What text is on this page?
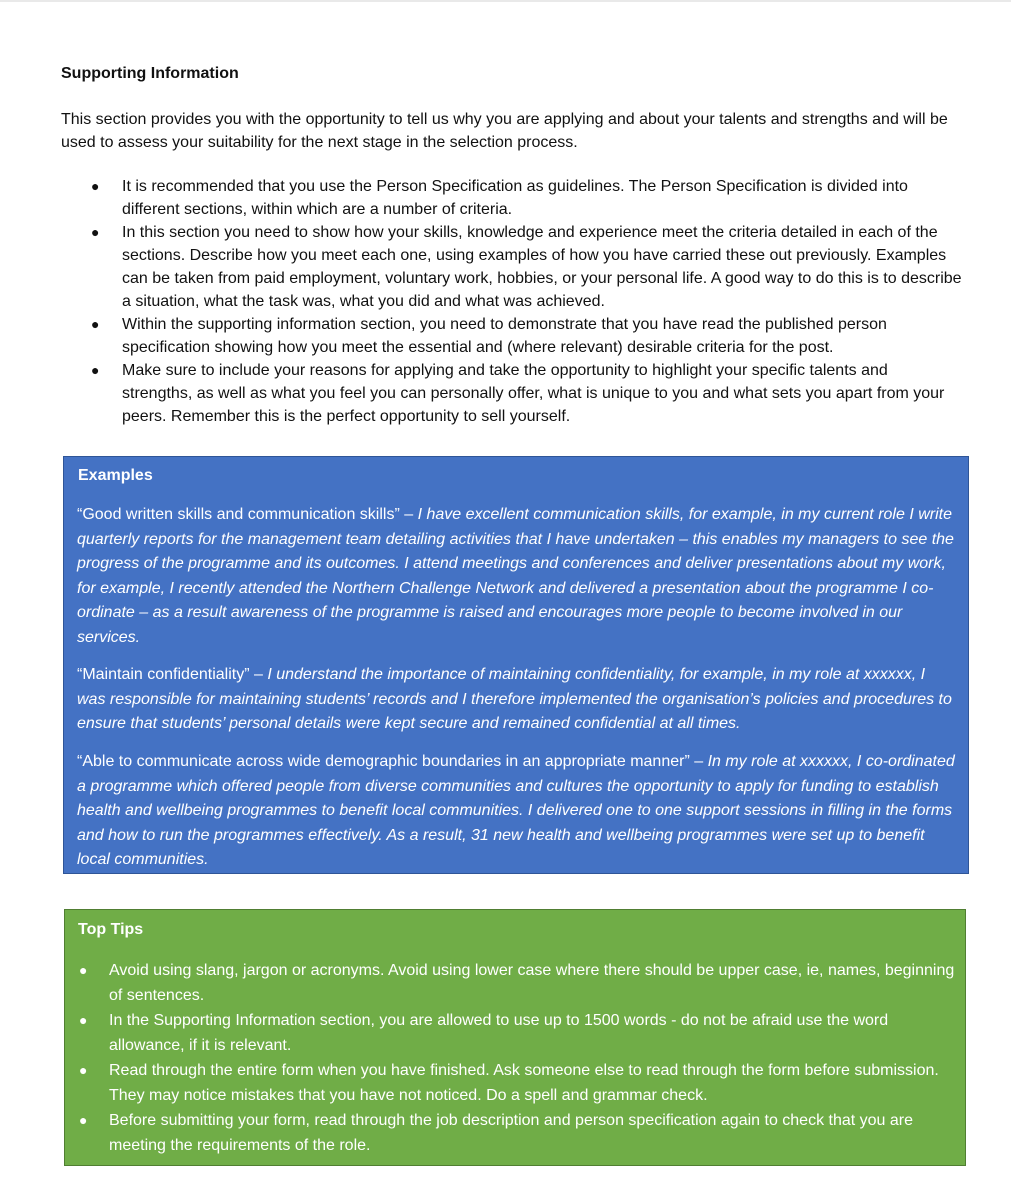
Supporting Information

This section provides you with the opportunity to tell us why you are applying and about your talents and strengths and will be used to assess your suitability for the next stage in the selection process.

● It is recommended that you use the Person Specification as guidelines. The Person Specification is divided into different sections, within which are a number of criteria.
● In this section you need to show how your skills, knowledge and experience meet the criteria detailed in each of the sections. Describe how you meet each one, using examples of how you have carried these out previously. Examples can be taken from paid employment, voluntary work, hobbies, or your personal life. A good way to do this is to describe a situation, what the task was, what you did and what was achieved.
● Within the supporting information section, you need to demonstrate that you have read the published person specification showing how you meet the essential and (where relevant) desirable criteria for the post.
● Make sure to include your reasons for applying and take the opportunity to highlight your specific talents and strengths, as well as what you feel you can personally offer, what is unique to you and what sets you apart from your peers. Remember this is the perfect opportunity to sell yourself.
Examples

“Good written skills and communication skills” – I have excellent communication skills, for example, in my current role I write quarterly reports for the management team detailing activities that I have undertaken – this enables my managers to see the progress of the programme and its outcomes. I attend meetings and conferences and deliver presentations about my work, for example, I recently attended the Northern Challenge Network and delivered a presentation about the programme I co-ordinate – as a result awareness of the programme is raised and encourages more people to become involved in our services.

“Maintain confidentiality” – I understand the importance of maintaining confidentiality, for example, in my role at xxxxxx, I was responsible for maintaining students’ records and I therefore implemented the organisation’s policies and procedures to ensure that students’ personal details were kept secure and remained confidential at all times.

“Able to communicate across wide demographic boundaries in an appropriate manner” – In my role at xxxxxx, I co-ordinated a programme which offered people from diverse communities and cultures the opportunity to apply for funding to establish health and wellbeing programmes to benefit local communities. I delivered one to one support sessions in filling in the forms and how to run the programmes effectively. As a result, 31 new health and wellbeing programmes were set up to benefit local communities.

Top Tips
● Avoid using slang, jargon or acronyms. Avoid using lower case where there should be upper case, ie, names, beginning of sentences.
● In the Supporting Information section, you are allowed to use up to 1500 words - do not be afraid use the word allowance, if it is relevant.
● Read through the entire form when you have finished. Ask someone else to read through the form before submission. They may notice mistakes that you have not noticed. Do a spell and grammar check.
● Before submitting your form, read through the job description and person specification again to check that you are meeting the requirements of the role.
